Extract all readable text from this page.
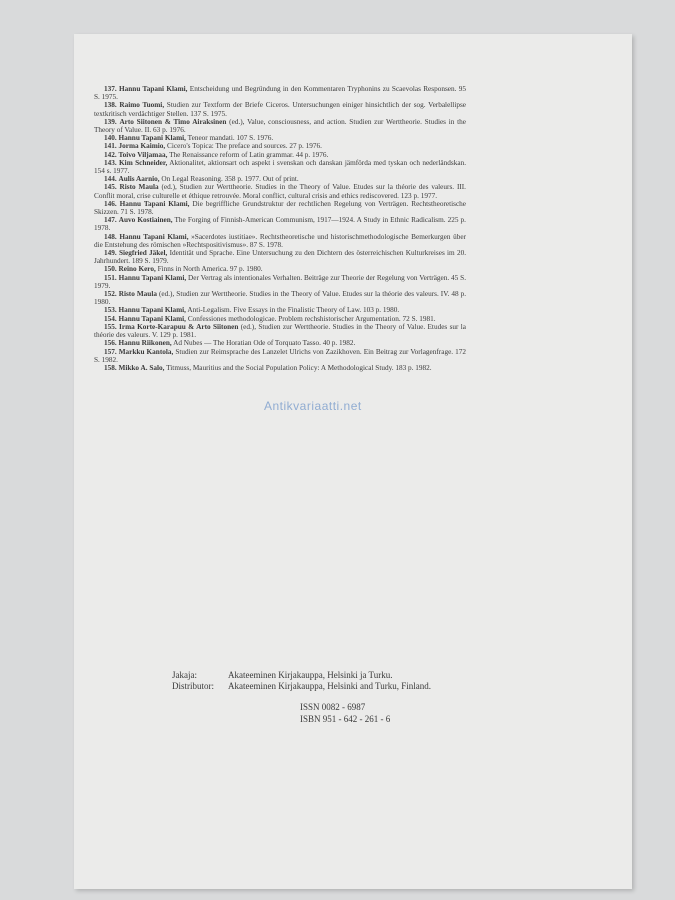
137. Hannu Tapani Klami, Entscheidung und Begründung in den Kommentaren Tryphonins zu Scaevolas Responsen. 95 S. 1975.

138. Raimo Tuomi, Studien zur Textform der Briefe Ciceros. Untersuchungen einiger hinsichtlich der sog. Verbalellipse textkritisch verdächtiger Stellen. 137 S. 1975.

139. Arto Siitonen & Timo Airaksinen (ed.), Value, consciousness, and action. Studien zur Werttheorie. Studies in the Theory of Value. II. 63 p. 1976.

140. Hannu Tapani Klami, Teneor mandati. 107 S. 1976.

141. Jorma Kaimio, Cicero's Topica: The preface and sources. 27 p. 1976.

142. Toivo Viljamaa, The Renaissance reform of Latin grammar. 44 p. 1976.

143. Kim Schneider, Aktionalitet, aktionsart och aspekt i svenskan och danskan jämförda med tyskan och nederländskan. 154 s. 1977.

144. Aulis Aarnio, On Legal Reasoning. 358 p. 1977. Out of print.

145. Risto Maula (ed.), Studien zur Werttheorie. Studies in the Theory of Value. Etudes sur la théorie des valeurs. III. Conflit moral, crise culturelle et éthique retrouvée. Moral conflict, cultural crisis and ethics rediscovered. 123 p. 1977.

146. Hannu Tapani Klami, Die begriffliche Grundstruktur der rechtlichen Regelung von Verträgen. Rechtstheoretische Skizzen. 71 S. 1978.

147. Auvo Kostiainen, The Forging of Finnish-American Communism, 1917—1924. A Study in Ethnic Radicalism. 225 p. 1978.

148. Hannu Tapani Klami, »Sacerdotes iustitiae». Rechtstheoretische und historischmethodologische Bemerkurgen über die Entstehung des römischen »Rechtspositivismus». 87 S. 1978.

149. Siegfried Jäkel, Identität und Sprache. Eine Untersuchung zu den Dichtern des österreichischen Kulturkreises im 20. Jahrhundert. 189 S. 1979.

150. Reino Kero, Finns in North America. 97 p. 1980.

151. Hannu Tapani Klami, Der Vertrag als intentionales Verhalten. Beiträge zur Theorie der Regelung von Verträgen. 45 S. 1979.

152. Risto Maula (ed.), Studien zur Werttheorie. Studies in the Theory of Value. Etudes sur la théorie des valeurs. IV. 48 p. 1980.

153. Hannu Tapani Klami, Anti-Legalism. Five Essays in the Finalistic Theory of Law. 103 p. 1980.

154. Hannu Tapani Klami, Confessiones methodologicae. Problem rechshistorischer Argumentation. 72 S. 1981.

155. Irma Korte-Karapuu & Arto Siitonen (ed.), Studien zur Werttheorie. Studies in the Theory of Value. Etudes sur la théorie des valeurs. V. 129 p. 1981.

156. Hannu Riikonen, Ad Nubes — The Horatian Ode of Torquato Tasso. 40 p. 1982.

157. Markku Kantola, Studien zur Reimsprache des Lanzelet Ulrichs von Zazikhoven. Ein Beitrag zur Vorlagenfrage. 172 S. 1982.

158. Mikko A. Salo, Titmuss, Mauritius and the Social Population Policy: A Methodological Study. 183 p. 1982.

Antikvariaatti.net
Jakaja:	Akateeminen Kirjakauppa, Helsinki ja Turku.
Distributor:	Akateeminen Kirjakauppa, Helsinki and Turku, Finland.
ISSN 0082 - 6987
ISBN 951 - 642 - 261 - 6
